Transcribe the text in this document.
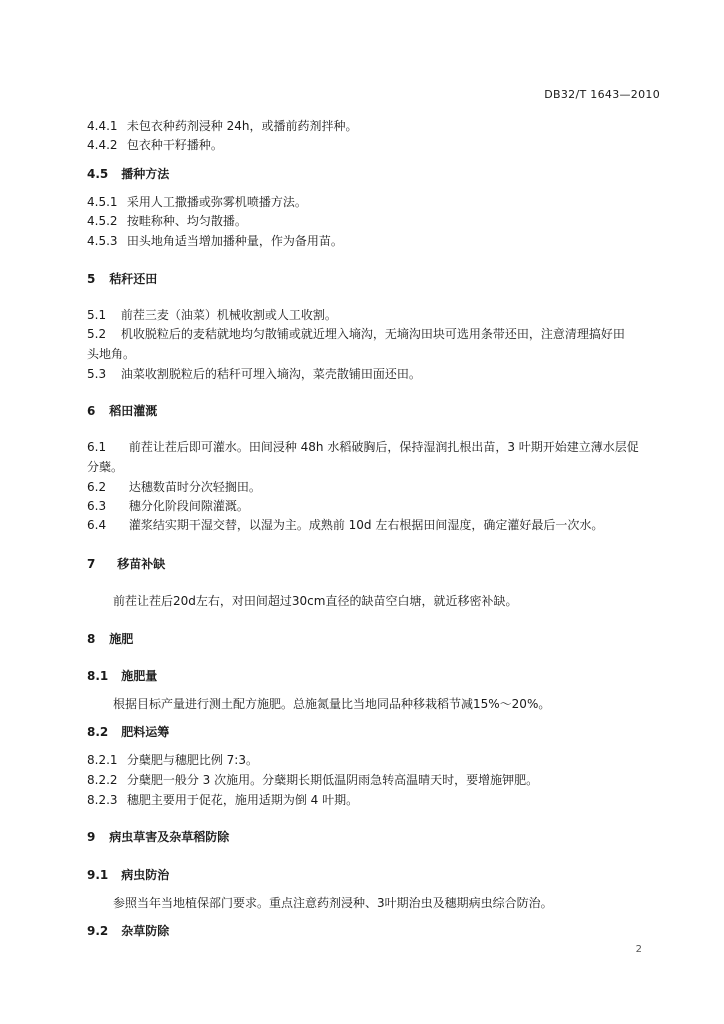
DB32/T 1643—2010
4.4.1 未包衣种药剂浸种 24h，或播前药剂拌种。
4.4.2 包衣种干籽播种。
4.5 播种方法
4.5.1 采用人工撒播或弥雾机喷播方法。
4.5.2 按畦称种、均匀散播。
4.5.3 田头地角适当增加播种量，作为备用苗。
5 秸秆还田
5.1 前茬三麦（油菜）机械收割或人工收割。
5.2 机收脱粒后的麦秸就地均匀散铺或就近埋入墒沟，无墒沟田块可选用条带还田，注意清理搞好田
头地角。
5.3 油菜收割脱粒后的秸秆可埋入墒沟，菜壳散铺田面还田。
6 稻田灌溉
6.1 前茬让茬后即可灌水。田间浸种 48h 水稻破胸后，保持湿润扎根出苗，3 叶期开始建立薄水层促
分蘖。
6.2 达穗数苗时分次轻搁田。
6.3 穗分化阶段间隙灌溉。
6.4 灌浆结实期干湿交替，以湿为主。成熟前 10d 左右根据田间湿度，确定灌好最后一次水。
7 移苗补缺
前茬让茬后20d左右，对田间超过30cm直径的缺苗空白塘，就近移密补缺。
8 施肥
8.1 施肥量
根据目标产量进行测土配方施肥。总施氮量比当地同品种移栽稻节减15%～20%。
8.2 肥料运筹
8.2.1 分蘖肥与穗肥比例 7:3。
8.2.2 分蘖肥一般分 3 次施用。分蘖期长期低温阴雨急转高温晴天时，要增施钾肥。
8.2.3 穗肥主要用于促花，施用适期为倒 4 叶期。
9 病虫草害及杂草稻防除
9.1 病虫防治
参照当年当地植保部门要求。重点注意药剂浸种、3叶期治虫及穗期病虫综合防治。
9.2 杂草防除
2
